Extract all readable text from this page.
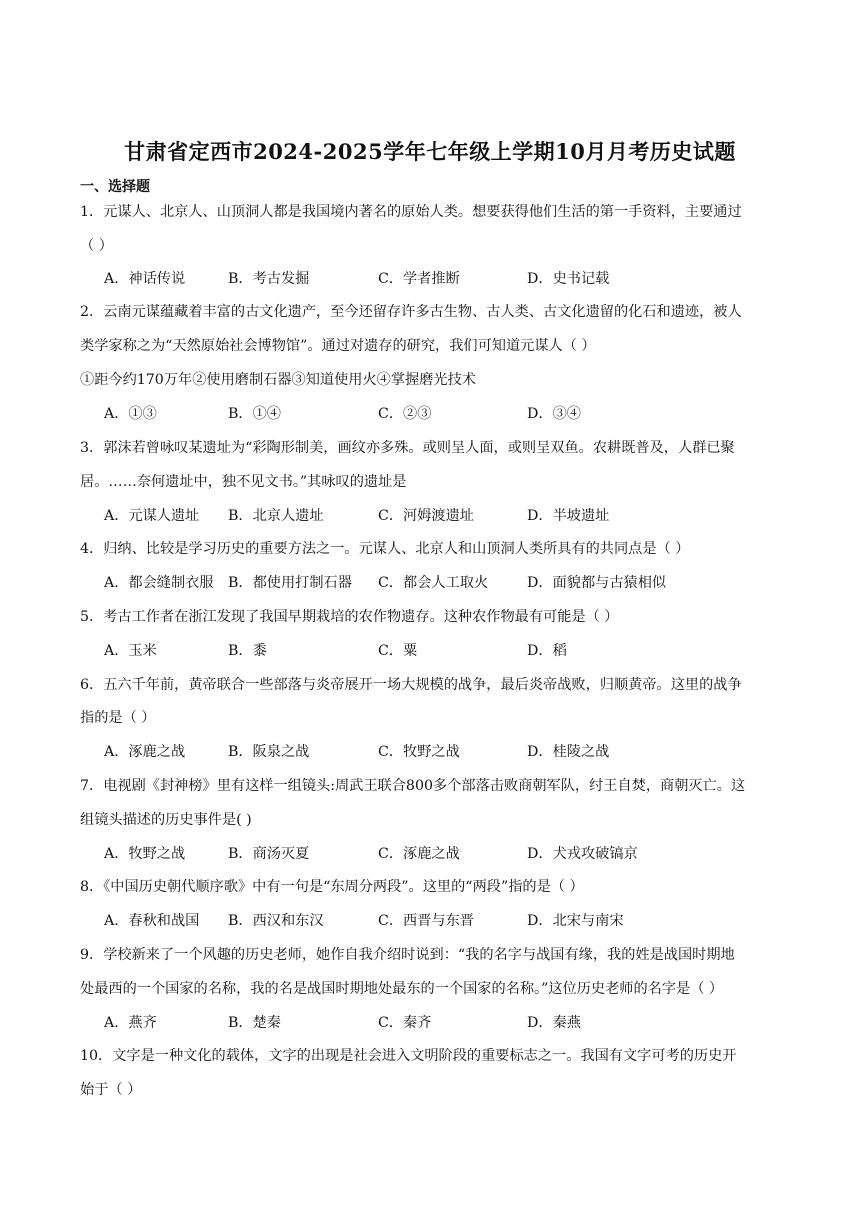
甘肃省定西市2024-2025学年七年级上学期10月月考历史试题
一、选择题
1．元谋人、北京人、山顶洞人都是我国境内著名的原始人类。想要获得他们生活的第一手资料，主要通过
（ ）
A．神话传说	B．考古发掘	C．学者推断	D．史书记载
2．云南元谋蕴藏着丰富的古文化遗产，至今还留存许多古生物、古人类、古文化遗留的化石和遗迹，被人
类学家称之为“天然原始社会博物馆”。通过对遗存的研究，我们可知道元谋人（ ）
①距今约170万年②使用磨制石器③知道使用火④掌握磨光技术
A．①③	B．①④	C．②③	D．③④
3．郭沫若曾咏叹某遗址为“彩陶形制美，画纹亦多殊。或则呈人面，或则呈双鱼。农耕既普及，人群已聚
居。……奈何遗址中，独不见文书。”其咏叹的遗址是
A．元谋人遗址 B．北京人遗址	C．河姆渡遗址	D．半坡遗址
4．归纳、比较是学习历史的重要方法之一。元谋人、北京人和山顶洞人类所具有的共同点是（ ）
A．都会缝制衣服 B．都使用打制石器 C．都会人工取火	D．面貌都与古猿相似
5．考古工作者在浙江发现了我国早期栽培的农作物遗存。这种农作物最有可能是（ ）
A．玉米	B．黍	C．粟	D．稻
6．五六千年前，黄帝联合一些部落与炎帝展开一场大规模的战争，最后炎帝战败，归顺黄帝。这里的战争
指的是（ ）
A．涿鹿之战	B．阪泉之战	C．牧野之战	D．桂陵之战
7．电视剧《封神榜》里有这样一组镜头:周武王联合800多个部落击败商朝军队，纣王自焚，商朝灭亡。这
组镜头描述的历史事件是( )
A．牧野之战	B．商汤灭夏	C．涿鹿之战	D．犬戎攻破镐京
8．《中国历史朝代顺序歌》中有一句是“东周分两段”。这里的“两段”指的是（ ）
A．春秋和战国 B．西汉和东汉	C．西晋与东晋	D．北宋与南宋
9．学校新来了一个风趣的历史老师，她作自我介绍时说到：“我的名字与战国有缘，我的姓是战国时期地
处最西的一个国家的名称，我的名是战国时期地处最东的一个国家的名称。”这位历史老师的名字是（ ）
A．燕齐	B．楚秦	C．秦齐	D．秦燕
10．文字是一种文化的载体，文字的出现是社会进入文明阶段的重要标志之一。我国有文字可考的历史开
始于（ ）
